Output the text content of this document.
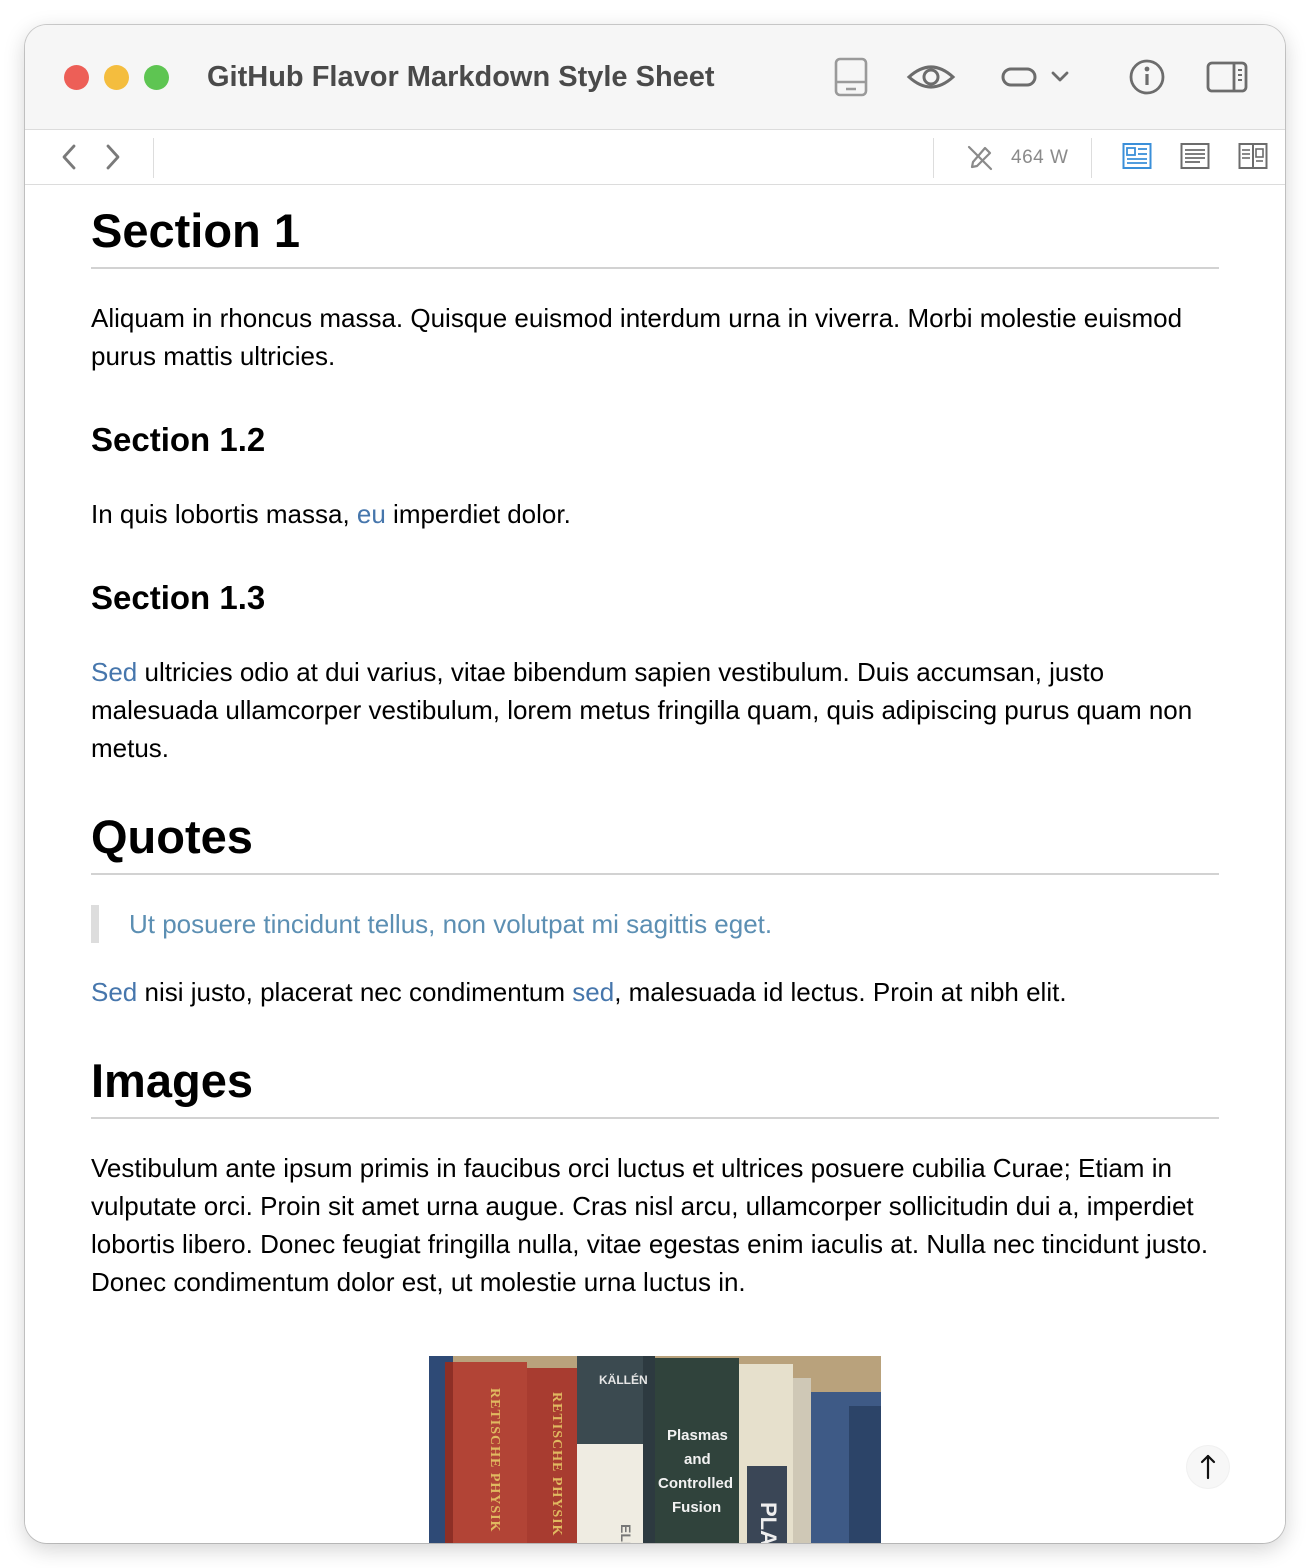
GitHub Flavor Markdown Style Sheet
464 W
Section 1

Aliquam in rhoncus massa. Quisque euismod interdum urna in viverra. Morbi molestie euismod purus mattis ultricies.

Section 1.2

In quis lobortis massa, eu imperdiet dolor.

Section 1.3

Sed ultricies odio at dui varius, vitae bibendum sapien vestibulum. Duis accumsan, justo malesuada ullamcorper vestibulum, lorem metus fringilla quam, quis adipiscing purus quam non metus.

Quotes

Ut posuere tincidunt tellus, non volutpat mi sagittis eget.

Sed nisi justo, placerat nec condimentum sed, malesuada id lectus. Proin at nibh elit.

Images

Vestibulum ante ipsum primis in faucibus orci luctus et ultrices posuere cubilia Curae; Etiam in vulputate orci. Proin sit amet urna augue. Cras nisl arcu, ullamcorper sollicitudin dui a, imperdiet lobortis libero. Donec feugiat fringilla nulla, vitae egestas enim iaculis at. Nulla nec tincidunt justo. Donec condimentum dolor est, ut molestie urna luctus in.

RETISCHE PHYSIK	RETISCHE PHYSIK
KÄLLÉN
Plasmas
and
Controlled
Fusion
ELE	PLA
